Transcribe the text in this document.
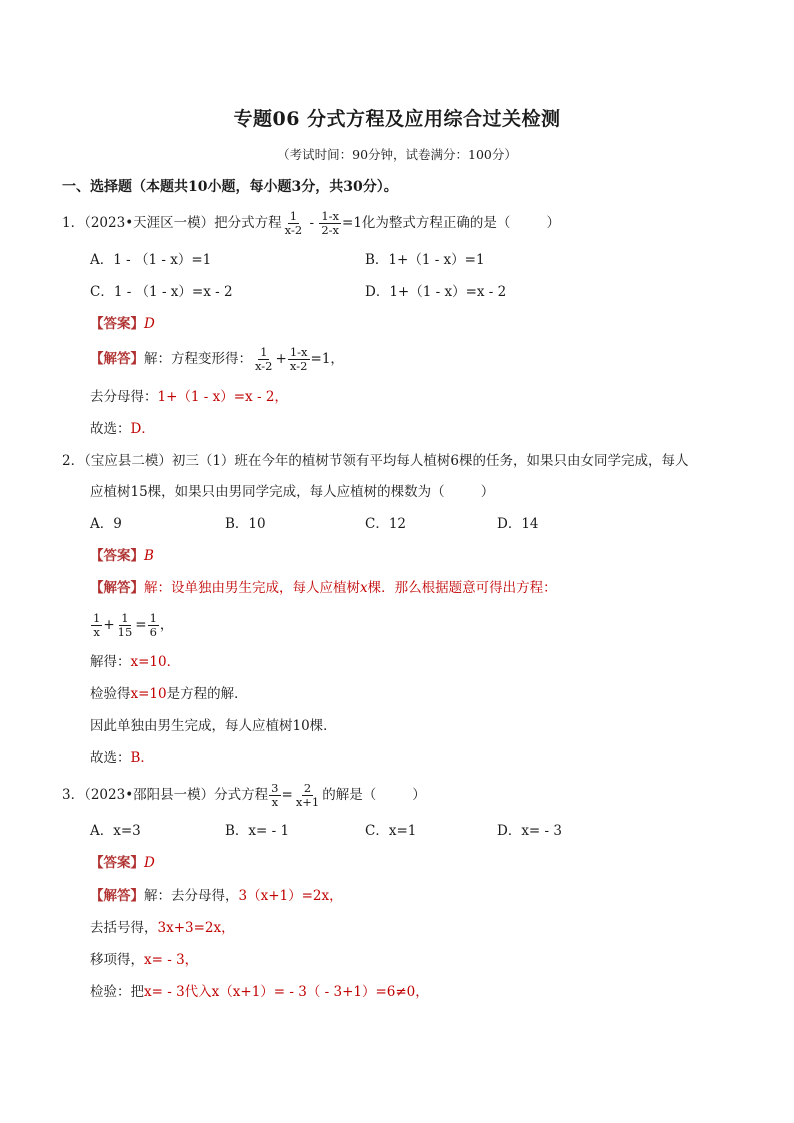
专题06 分式方程及应用综合过关检测
（考试时间：90分钟，试卷满分：100分）
一、选择题（本题共10小题，每小题3分，共30分）。
1．（2023•天涯区一模）把分式方程 $\frac{1}{x-2} - \frac{1-x}{2-x} =1$化为整式方程正确的是（	）
A．1 - （1 - x）=1	B．1+（1 - x）=1
C．1 - （1 - x）=x - 2	D．1+（1 - x）=x - 2
【答案】D
【解答】解：方程变形得： $\frac{1}{x-2} + \frac{1-x}{x-2} =1$，
去分母得：1+（1 - x）=x - 2，
故选：D．
2．（宝应县二模）初三（1）班在今年的植树节领有平均每人植树6棵的任务，如果只由女同学完成，每人
应植树15棵，如果只由男同学完成，每人应植树的棵数为（	）
A．9	B．10	C．12	D．14
【答案】B
【解答】解：设单独由男生完成，每人应植树x棵．那么根据题意可得出方程：
$\frac{1}{x} + \frac{1}{15} = \frac{1}{6}$ ，
解得：x=10．
检验得x=10是方程的解．
因此单独由男生完成，每人应植树10棵．
故选：B．
3．（2023•邵阳县一模）分式方程 $\frac{3}{x} = \frac{2}{x+1}$ 的解是（	）
A．x=3	B．x= - 1	C．x=1	D．x= - 3
【答案】D
【解答】解：去分母得，3（x+1）=2x，
去括号得，3x+3=2x，
移项得，x= - 3，
检验：把x= - 3代入x（x+1）= - 3（ - 3+1）=6≠0，
